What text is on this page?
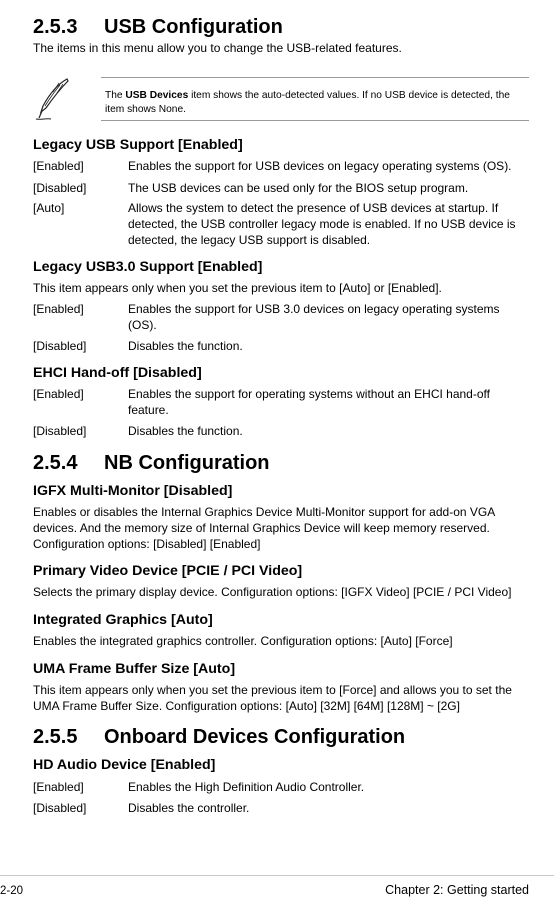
2.5.3 USB Configuration
The items in this menu allow you to change the USB-related features.
The USB Devices item shows the auto-detected values. If no USB device is detected, the item shows None.
Legacy USB Support [Enabled]
[Enabled]	Enables the support for USB devices on legacy operating systems (OS).
[Disabled]	The USB devices can be used only for the BIOS setup program.
[Auto]	Allows the system to detect the presence of USB devices at startup. If detected, the USB controller legacy mode is enabled. If no USB device is detected, the legacy USB support is disabled.
Legacy USB3.0 Support [Enabled]
This item appears only when you set the previous item to [Auto] or [Enabled].
[Enabled]	Enables the support for USB 3.0 devices on legacy operating systems (OS).
[Disabled]	Disables the function.
EHCI Hand-off [Disabled]
[Enabled]	Enables the support for operating systems without an EHCI hand-off feature.
[Disabled]	Disables the function.
2.5.4 NB Configuration
IGFX Multi-Monitor [Disabled]
Enables or disables the Internal Graphics Device Multi-Monitor support for add-on VGA devices. And the memory size of Internal Graphics Device will keep memory reserved. Configuration options: [Disabled] [Enabled]
Primary Video Device [PCIE / PCI Video]
Selects the primary display device. Configuration options: [IGFX Video] [PCIE / PCI Video]
Integrated Graphics [Auto]
Enables the integrated graphics controller. Configuration options: [Auto] [Force]
UMA Frame Buffer Size [Auto]
This item appears only when you set the previous item to [Force] and allows you to set the UMA Frame Buffer Size. Configuration options: [Auto] [32M] [64M] [128M] ~ [2G]
2.5.5 Onboard Devices Configuration
HD Audio Device [Enabled]
[Enabled]	Enables the High Definition Audio Controller.
[Disabled]	Disables the controller.
2-20	Chapter 2: Getting started
